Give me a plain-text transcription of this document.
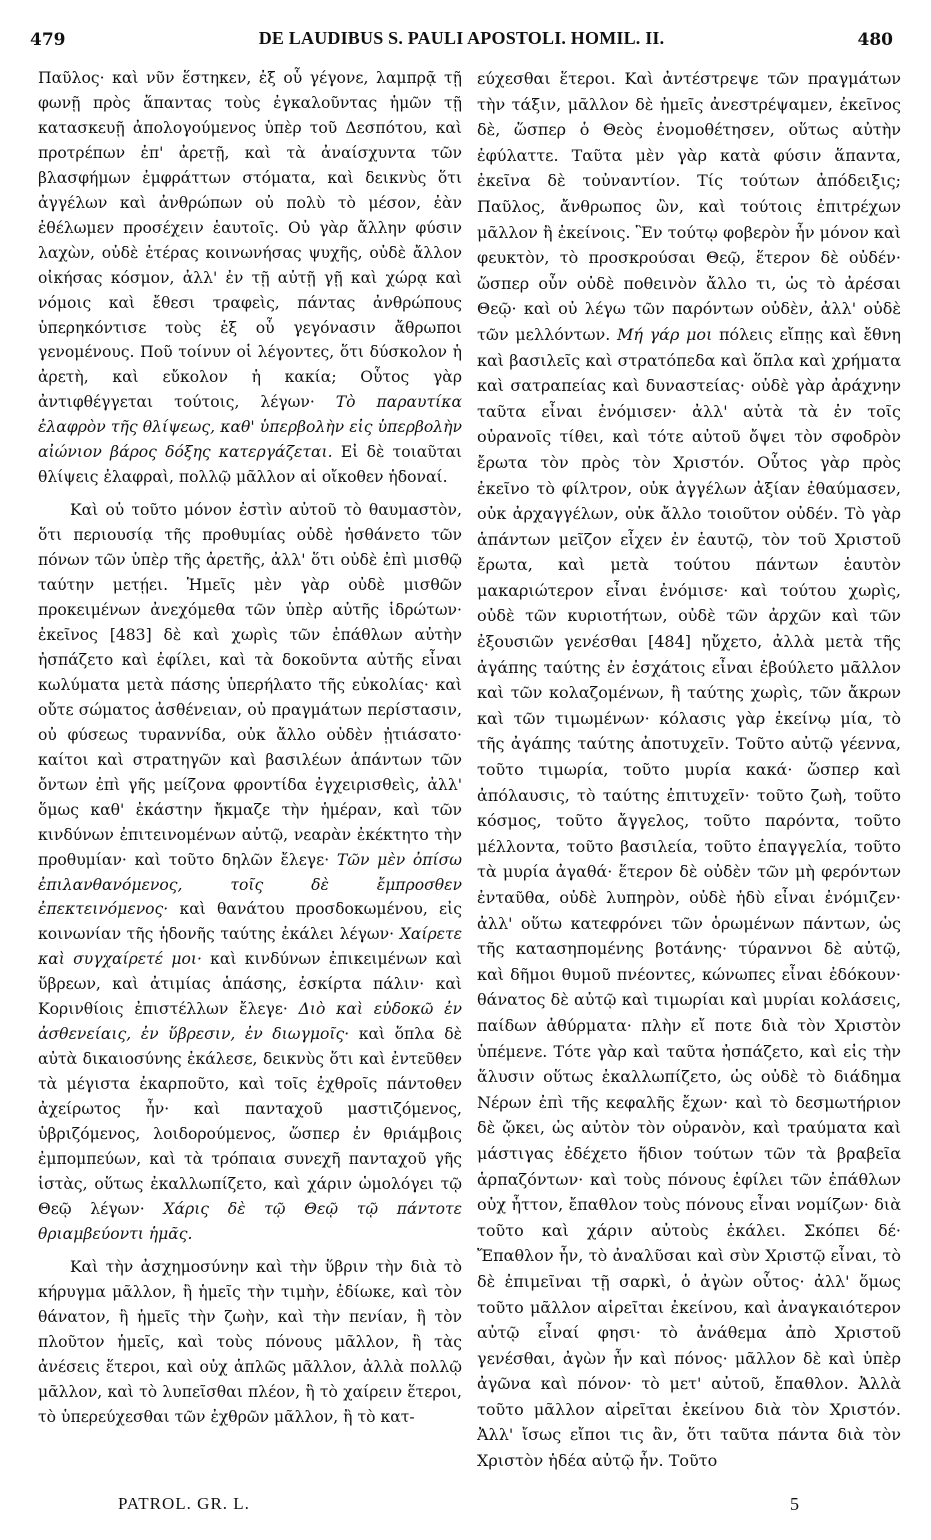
479	DE LAUDIBUS S. PAULI APOSTOLI. HOMIL. II.	480

Παῦλος· καὶ νῦν ἕστηκεν, ἐξ οὗ γέγονε, λαμπρᾷ τῇ φωνῇ πρὸς ἅπαντας τοὺς ἐγκαλοῦντας ἡμῶν τῇ κατασκευῇ ἀπολογούμενος ὑπὲρ τοῦ Δεσπότου, καὶ προτρέπων ἐπ' ἀρετῇ, καὶ τὰ ἀναίσχυντα τῶν βλασφήμων ἐμφράττων στόματα, καὶ δεικνὺς ὅτι ἀγγέλων καὶ ἀνθρώπων οὐ πολὺ τὸ μέσον, ἐὰν ἐθέλωμεν προσέχειν ἑαυτοῖς. Οὐ γὰρ ἄλλην φύσιν λαχὼν, οὐδὲ ἑτέρας κοινωνήσας ψυχῆς, οὐδὲ ἄλλον οἰκήσας κόσμον, ἀλλ' ἐν τῇ αὐτῇ γῇ καὶ χώρᾳ καὶ νόμοις καὶ ἔθεσι τραφεὶς, πάντας ἀνθρώπους ὑπερηκόντισε τοὺς ἐξ οὗ γεγόνασιν ἄθρωποι γενομένους. Ποῦ τοίνυν οἱ λέγοντες, ὅτι δύσκολον ἡ ἀρετὴ, καὶ εὔκολον ἡ κακία; Οὗτος γὰρ ἀντιφθέγγεται τούτοις, λέγων· Τὸ παραυτίκα ἐλαφρὸν τῆς θλίψεως, καθ' ὑπερβολὴν εἰς ὑπερβολὴν αἰώνιον βάρος δόξης κατεργάζεται. Εἰ δὲ τοιαῦται θλίψεις ἐλαφραὶ, πολλῷ μᾶλλον αἱ οἴκοθεν ἡδοναί.

Καὶ οὐ τοῦτο μόνον ἐστὶν αὐτοῦ τὸ θαυμαστὸν, ὅτι περιουσίᾳ τῆς προθυμίας οὐδὲ ἠσθάνετο τῶν πόνων τῶν ὑπὲρ τῆς ἀρετῆς, ἀλλ' ὅτι οὐδὲ ἐπὶ μισθῷ ταύτην μετῄει. Ἡμεῖς μὲν γὰρ οὐδὲ μισθῶν προκειμένων ἀνεχόμεθα τῶν ὑπὲρ αὐτῆς ἱδρώτων· ἐκεῖνος [483] δὲ καὶ χωρὶς τῶν ἐπάθλων αὐτὴν ἠσπάζετο καὶ ἐφίλει, καὶ τὰ δοκοῦντα αὐτῆς εἶναι κωλύματα μετὰ πάσης ὑπερήλατο τῆς εὐκολίας· καὶ οὔτε σώματος ἀσθένειαν, οὐ πραγμάτων περίστασιν, οὐ φύσεως τυραννίδα, οὐκ ἄλλο οὐδὲν ᾐτιάσατο· καίτοι καὶ στρατηγῶν καὶ βασιλέων ἁπάντων τῶν ὄντων ἐπὶ γῆς μείζονα φροντίδα ἐγχειρισθεὶς, ἀλλ' ὅμως καθ' ἑκάστην ἤκμαζε τὴν ἡμέραν, καὶ τῶν κινδύνων ἐπιτεινομένων αὐτῷ, νεαρὰν ἐκέκτητο τὴν προθυμίαν· καὶ τοῦτο δηλῶν ἔλεγε· Τῶν μὲν ὀπίσω ἐπιλανθανόμενος, τοῖς δὲ ἔμπροσθεν ἐπεκτεινόμενος· καὶ θανάτου προσδοκωμένου, εἰς κοινωνίαν τῆς ἡδονῆς ταύτης ἐκάλει λέγων· Χαίρετε καὶ συγχαίρετέ μοι· καὶ κινδύνων ἐπικειμένων καὶ ὕβρεων, καὶ ἀτιμίας ἁπάσης, ἐσκίρτα πάλιν· καὶ Κορινθίοις ἐπιστέλλων ἔλεγε· Διὸ καὶ εὐδοκῶ ἐν ἀσθενείαις, ἐν ὕβρεσιν, ἐν διωγμοῖς· καὶ ὅπλα δὲ αὐτὰ δικαιοσύνης ἐκάλεσε, δεικνὺς ὅτι καὶ ἐντεῦθεν τὰ μέγιστα ἐκαρποῦτο, καὶ τοῖς ἐχθροῖς πάντοθεν ἀχείρωτος ἦν· καὶ πανταχοῦ μαστιζόμενος, ὑβριζόμενος, λοιδορούμενος, ὥσπερ ἐν θριάμβοις ἐμπομπεύων, καὶ τὰ τρόπαια συνεχῆ πανταχοῦ γῆς ἱστὰς, οὕτως ἐκαλλωπίζετο, καὶ χάριν ὡμολόγει τῷ Θεῷ λέγων· Χάρις δὲ τῷ Θεῷ τῷ πάντοτε θριαμβεύοντι ἡμᾶς.

Καὶ τὴν ἀσχημοσύνην καὶ τὴν ὕβριν τὴν διὰ τὸ κήρυγμα μᾶλλον, ἢ ἡμεῖς τὴν τιμὴν, ἐδίωκε, καὶ τὸν θάνατον, ἢ ἡμεῖς τὴν ζωὴν, καὶ τὴν πενίαν, ἢ τὸν πλοῦτον ἡμεῖς, καὶ τοὺς πόνους μᾶλλον, ἢ τὰς ἀνέσεις ἕτεροι, καὶ οὐχ ἁπλῶς μᾶλλον, ἀλλὰ πολλῷ μᾶλλον, καὶ τὸ λυπεῖσθαι πλέον, ἢ τὸ χαίρειν ἕτεροι, τὸ ὑπερεύχεσθαι τῶν ἐχθρῶν μᾶλλον, ἢ τὸ κατ-

εύχεσθαι ἕτεροι. Καὶ ἀντέστρεψε τῶν πραγμάτων τὴν τάξιν, μᾶλλον δὲ ἡμεῖς ἀνεστρέψαμεν, ἐκεῖνος δὲ, ὥσπερ ὁ Θεὸς ἐνομοθέτησεν, οὕτως αὐτὴν ἐφύλαττε. Ταῦτα μὲν γὰρ κατὰ φύσιν ἅπαντα, ἐκεῖνα δὲ τοὐναντίον. Τίς τούτων ἀπόδειξις; Παῦλος, ἄνθρωπος ὢν, καὶ τούτοις ἐπιτρέχων μᾶλλον ἢ ἐκείνοις. Ἓν τούτῳ φοβερὸν ἦν μόνον καὶ φευκτὸν, τὸ προσκρούσαι Θεῷ, ἕτερον δὲ οὐδέν· ὥσπερ οὖν οὐδὲ ποθεινὸν ἄλλο τι, ὡς τὸ ἀρέσαι Θεῷ· καὶ οὐ λέγω τῶν παρόντων οὐδὲν, ἀλλ' οὐδὲ τῶν μελλόντων. Μή γάρ μοι πόλεις εἴπῃς καὶ ἔθνη καὶ βασιλεῖς καὶ στρατόπεδα καὶ ὅπλα καὶ χρήματα καὶ σατραπείας καὶ δυναστείας· οὐδὲ γὰρ ἀράχνην ταῦτα εἶναι ἐνόμισεν· ἀλλ' αὐτὰ τὰ ἐν τοῖς οὐρανοῖς τίθει, καὶ τότε αὐτοῦ ὄψει τὸν σφοδρὸν ἔρωτα τὸν πρὸς τὸν Χριστόν. Οὗτος γὰρ πρὸς ἐκεῖνο τὸ φίλτρον, οὐκ ἀγγέλων ἀξίαν ἐθαύμασεν, οὐκ ἀρχαγγέλων, οὐκ ἄλλο τοιοῦτον οὐδέν. Τὸ γὰρ ἁπάντων μεῖζον εἶχεν ἐν ἑαυτῷ, τὸν τοῦ Χριστοῦ ἔρωτα, καὶ μετὰ τούτου πάντων ἑαυτὸν μακαριώτερον εἶναι ἐνόμισε· καὶ τούτου χωρὶς, οὐδὲ τῶν κυριοτήτων, οὐδὲ τῶν ἀρχῶν καὶ τῶν ἐξουσιῶν γενέσθαι [484] ηὔχετο, ἀλλὰ μετὰ τῆς ἀγάπης ταύτης ἐν ἐσχάτοις εἶναι ἐβούλετο μᾶλλον καὶ τῶν κολαζομένων, ἢ ταύτης χωρὶς, τῶν ἄκρων καὶ τῶν τιμωμένων· κόλασις γὰρ ἐκείνῳ μία, τὸ τῆς ἀγάπης ταύτης ἀποτυχεῖν. Τοῦτο αὐτῷ γέεννα, τοῦτο τιμωρία, τοῦτο μυρία κακά· ὥσπερ καὶ ἀπόλαυσις, τὸ ταύτης ἐπιτυχεῖν· τοῦτο ζωὴ, τοῦτο κόσμος, τοῦτο ἄγγελος, τοῦτο παρόντα, τοῦτο μέλλοντα, τοῦτο βασιλεία, τοῦτο ἐπαγγελία, τοῦτο τὰ μυρία ἀγαθά· ἕτερον δὲ οὐδὲν τῶν μὴ φερόντων ἐνταῦθα, οὐδὲ λυπηρὸν, οὐδὲ ἡδὺ εἶναι ἐνόμιζεν· ἀλλ' οὕτω κατεφρόνει τῶν ὁρωμένων πάντων, ὡς τῆς κατασηπομένης βοτάνης· τύραννοι δὲ αὐτῷ, καὶ δῆμοι θυμοῦ πνέοντες, κώνωπες εἶναι ἐδόκουν· θάνατος δὲ αὐτῷ καὶ τιμωρίαι καὶ μυρίαι κολάσεις, παίδων ἀθύρματα· πλὴν εἴ ποτε διὰ τὸν Χριστὸν ὑπέμενε. Τότε γὰρ καὶ ταῦτα ἠσπάζετο, καὶ εἰς τὴν ἅλυσιν οὕτως ἐκαλλωπίζετο, ὡς οὐδὲ τὸ διάδημα Νέρων ἐπὶ τῆς κεφαλῆς ἔχων· καὶ τὸ δεσμωτήριον δὲ ᾤκει, ὡς αὐτὸν τὸν οὐρανὸν, καὶ τραύματα καὶ μάστιγας ἐδέχετο ἥδιον τούτων τῶν τὰ βραβεῖα ἁρπαζόντων· καὶ τοὺς πόνους ἐφίλει τῶν ἐπάθλων οὐχ ἧττον, ἔπαθλον τοὺς πόνους εἶναι νομίζων· διὰ τοῦτο καὶ χάριν αὐτοὺς ἐκάλει. Σκόπει δέ· Ἔπαθλον ἦν, τὸ ἀναλῦσαι καὶ σὺν Χριστῷ εἶναι, τὸ δὲ ἐπιμεῖναι τῇ σαρκὶ, ὁ ἀγὼν οὗτος· ἀλλ' ὅμως τοῦτο μᾶλλον αἱρεῖται ἐκείνου, καὶ ἀναγκαιότερον αὐτῷ εἶναί φησι· τὸ ἀνάθεμα ἀπὸ Χριστοῦ γενέσθαι, ἀγὼν ἦν καὶ πόνος· μᾶλλον δὲ καὶ ὑπὲρ ἀγῶνα καὶ πόνον· τὸ μετ' αὐτοῦ, ἔπαθλον. Ἀλλὰ τοῦτο μᾶλλον αἱρεῖται ἐκείνου διὰ τὸν Χριστόν. Ἀλλ' ἴσως εἴποι τις ἂν, ὅτι ταῦτα πάντα διὰ τὸν Χριστὸν ἡδέα αὐτῷ ἦν. Τοῦτο

PATROL. GR. L.	5
